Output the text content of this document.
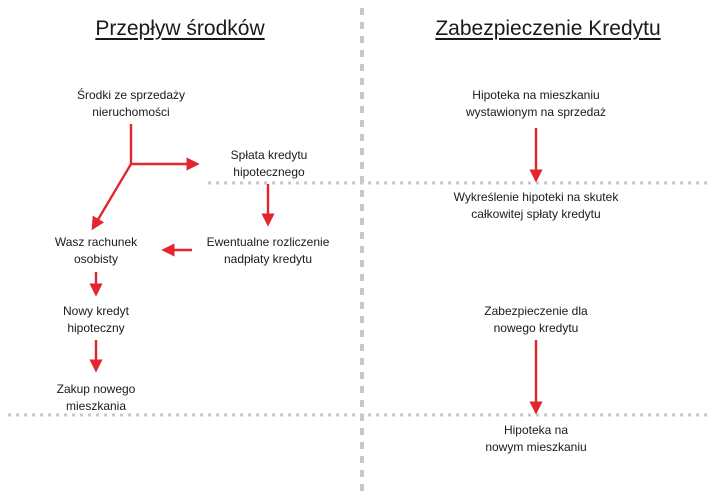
Przepływ środków	Zabezpieczenie Kredytu
Środki ze sprzedaży
nieruchomości
Spłata kredytu
hipotecznego
Wasz rachunek
osobisty
Ewentualne rozliczenie
nadpłaty kredytu
Nowy kredyt
hipoteczny
Zakup nowego
mieszkania
Hipoteka na mieszkaniu
wystawionym na sprzedaż
Wykreślenie hipoteki na skutek
całkowitej spłaty kredytu
Zabezpieczenie dla
nowego kredytu
Hipoteka na
nowym mieszkaniu
